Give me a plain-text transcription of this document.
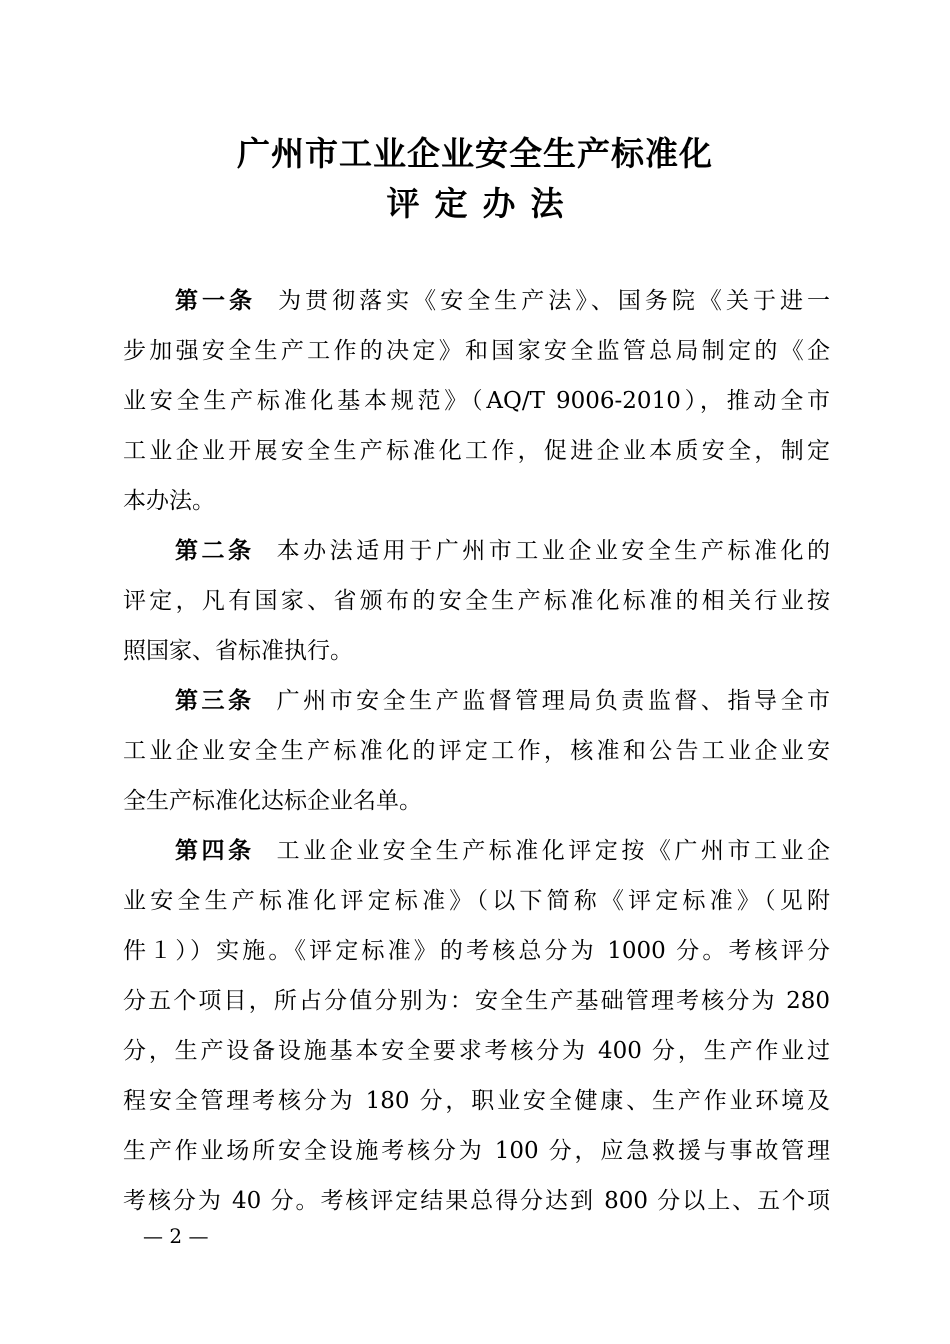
广州市工业企业安全生产标准化
评定办法
第一条 为贯彻落实《安全生产法》、国务院《关于进一
步加强安全生产工作的决定》和国家安全监管总局制定的《企
业安全生产标准化基本规范》（AQ/T 9006-2010），推动全市
工业企业开展安全生产标准化工作，促进企业本质安全，制定
本办法。
第二条 本办法适用于广州市工业企业安全生产标准化的
评定，凡有国家、省颁布的安全生产标准化标准的相关行业按
照国家、省标准执行。
第三条 广州市安全生产监督管理局负责监督、指导全市
工业企业安全生产标准化的评定工作，核准和公告工业企业安
全生产标准化达标企业名单。
第四条 工业企业安全生产标准化评定按《广州市工业企
业安全生产标准化评定标准》（以下简称《评定标准》（见附
件１））实施。《评定标准》的考核总分为 1000 分。考核评分
分五个项目，所占分值分别为：安全生产基础管理考核分为 280
分，生产设备设施基本安全要求考核分为 400 分，生产作业过
程安全管理考核分为 180 分，职业安全健康、生产作业环境及
生产作业场所安全设施考核分为 100 分，应急救援与事故管理
考核分为 40 分。考核评定结果总得分达到 800 分以上、五个项
— 2 —
